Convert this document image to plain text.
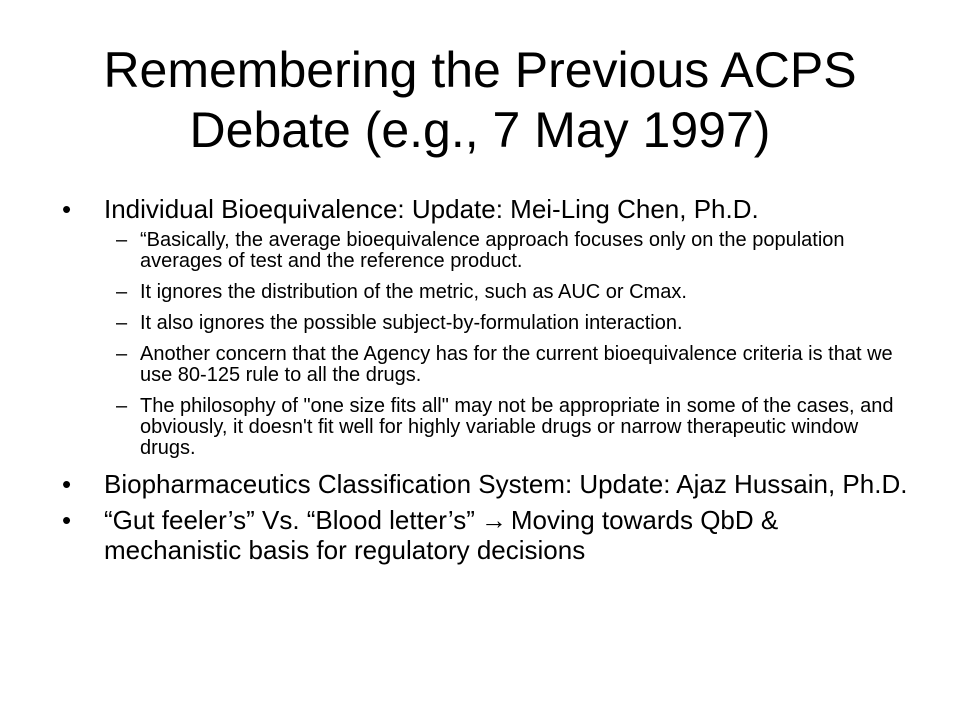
Remembering the Previous ACPS
Debate (e.g., 7 May 1997)
• Individual Bioequivalence: Update: Mei-Ling Chen, Ph.D.
– “Basically, the average bioequivalence approach focuses only on the population averages of test and the reference product.
– It ignores the distribution of the metric, such as AUC or Cmax.
– It also ignores the possible subject-by-formulation interaction.
– Another concern that the Agency has for the current bioequivalence criteria is that we use 80-125 rule to all the drugs.
– The philosophy of "one size fits all" may not be appropriate in some of the cases, and obviously, it doesn't fit well for highly variable drugs or narrow therapeutic window drugs.
• Biopharmaceutics Classification System: Update: Ajaz Hussain, Ph.D.
• “Gut feeler’s” Vs. “Blood letter’s” → Moving towards QbD & mechanistic basis for regulatory decisions
